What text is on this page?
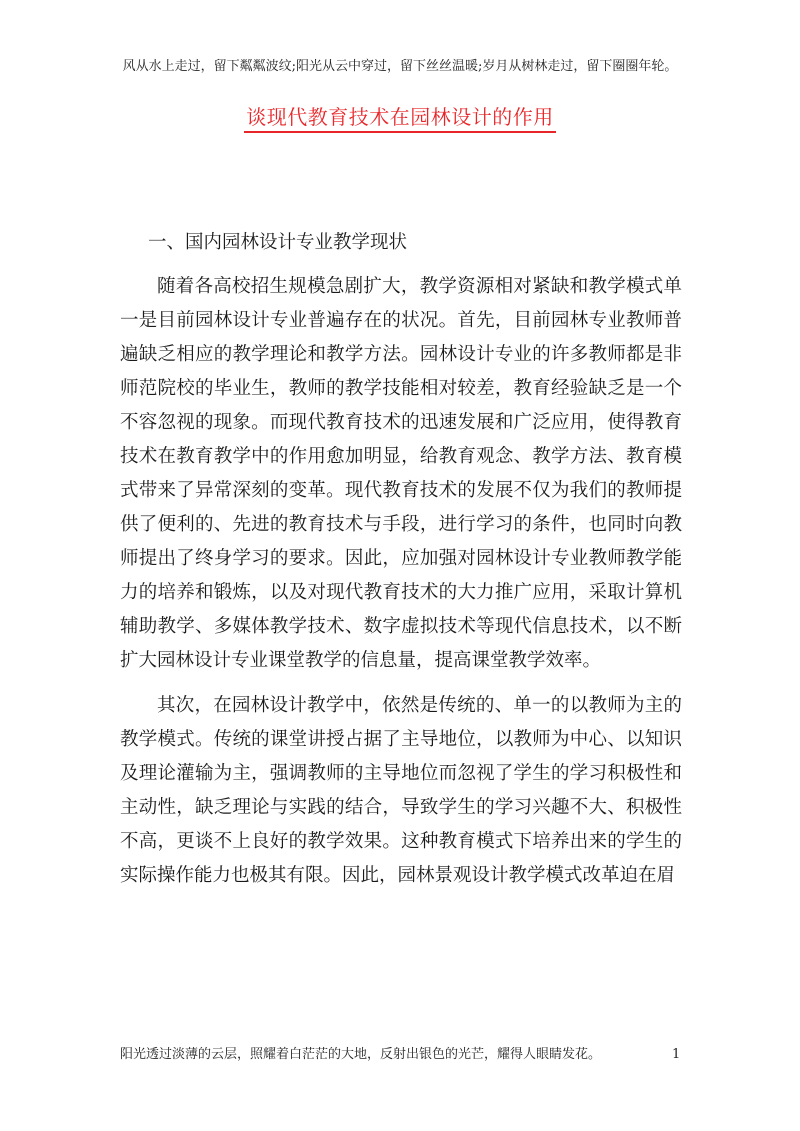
风从水上走过，留下粼粼波纹;阳光从云中穿过，留下丝丝温暖;岁月从树林走过，留下圈圈年轮。
谈现代教育技术在园林设计的作用

一、国内园林设计专业教学现状

随着各高校招生规模急剧扩大，教学资源相对紧缺和教学模式单一是目前园林设计专业普遍存在的状况。首先，目前园林专业教师普遍缺乏相应的教学理论和教学方法。园林设计专业的许多教师都是非师范院校的毕业生，教师的教学技能相对较差，教育经验缺乏是一个不容忽视的现象。而现代教育技术的迅速发展和广泛应用，使得教育技术在教育教学中的作用愈加明显，给教育观念、教学方法、教育模式带来了异常深刻的变革。现代教育技术的发展不仅为我们的教师提供了便利的、先进的教育技术与手段，进行学习的条件，也同时向教师提出了终身学习的要求。因此，应加强对园林设计专业教师教学能力的培养和锻炼，以及对现代教育技术的大力推广应用，采取计算机辅助教学、多媒体教学技术、数字虚拟技术等现代信息技术，以不断扩大园林设计专业课堂教学的信息量，提高课堂教学效率。

其次，在园林设计教学中，依然是传统的、单一的以教师为主的教学模式。传统的课堂讲授占据了主导地位，以教师为中心、以知识及理论灌输为主，强调教师的主导地位而忽视了学生的学习积极性和主动性，缺乏理论与实践的结合，导致学生的学习兴趣不大、积极性不高，更谈不上良好的教学效果。这种教育模式下培养出来的学生的实际操作能力也极其有限。因此，园林景观设计教学模式改革迫在眉

阳光透过淡薄的云层，照耀着白茫茫的大地，反射出银色的光芒，耀得人眼睛发花。	1
